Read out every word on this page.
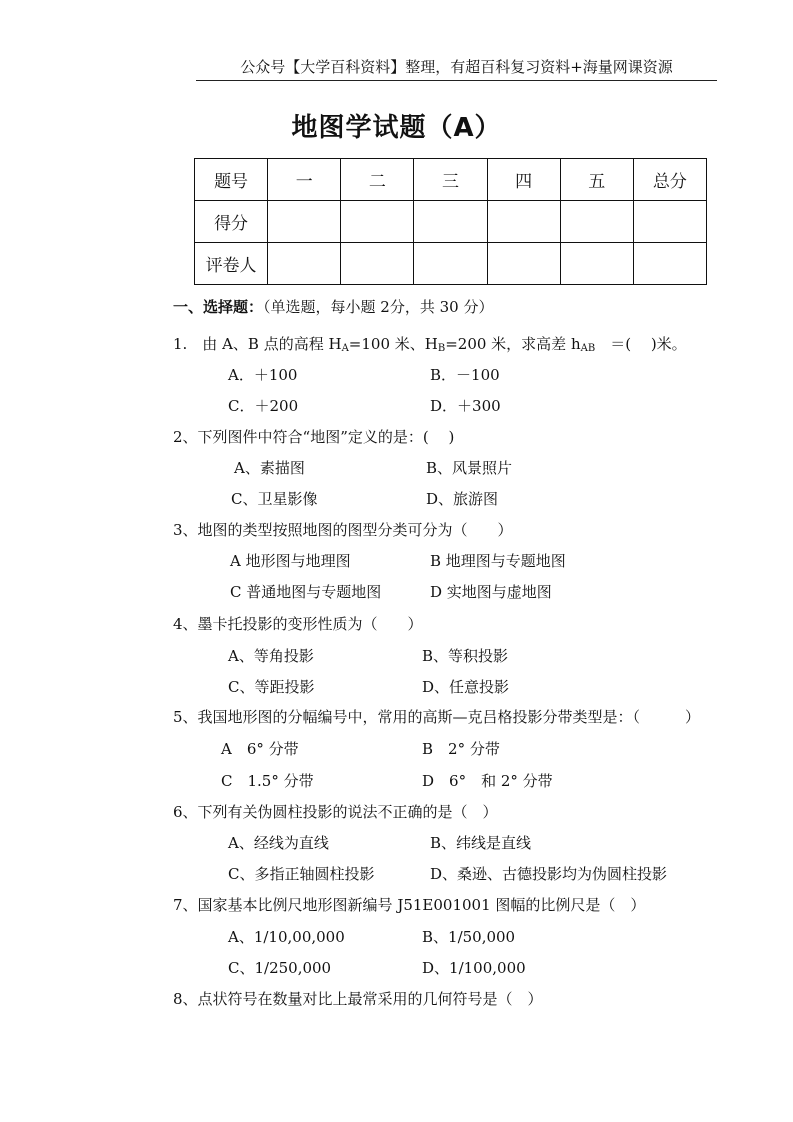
公众号【大学百科资料】整理，有超百科复习资料+海量网课资源
地图学试题（A）
题号	一	二	三	四	五	总分
得分						
评卷人						
一、选择题：（单选题，每小题 2分，共 30 分）
1.　由 A、B 点的高程 $H_A=100$ 米、$H_B=200$ 米，求高差 $h_{AB}$　＝(　 )米。
A．＋100	B．－100
C．＋200	D．＋300
2、下列图件中符合“地图”定义的是：(　 )
A、素描图	B、风景照片
C、卫星影像	D、旅游图
3、地图的类型按照地图的图型分类可分为（　　）
A 地形图与地理图	B 地理图与专题地图
C 普通地图与专题地图	D 实地图与虚地图
4、墨卡托投影的变形性质为（　　）
A、等角投影	B、等积投影
C、等距投影	D、任意投影
5、我国地形图的分幅编号中，常用的高斯—克吕格投影分带类型是：（　　　）
A　6° 分带	B　2° 分带
C　1.5° 分带	D　6°　和 2° 分带
6、下列有关伪圆柱投影的说法不正确的是（　）
A、经线为直线	B、纬线是直线
C、多指正轴圆柱投影	D、桑逊、古德投影均为伪圆柱投影
7、国家基本比例尺地形图新编号 J51E001001 图幅的比例尺是（　）
A、1/10,00,000	B、1/50,000
C、1/250,000	D、1/100,000
8、点状符号在数量对比上最常采用的几何符号是（　）
